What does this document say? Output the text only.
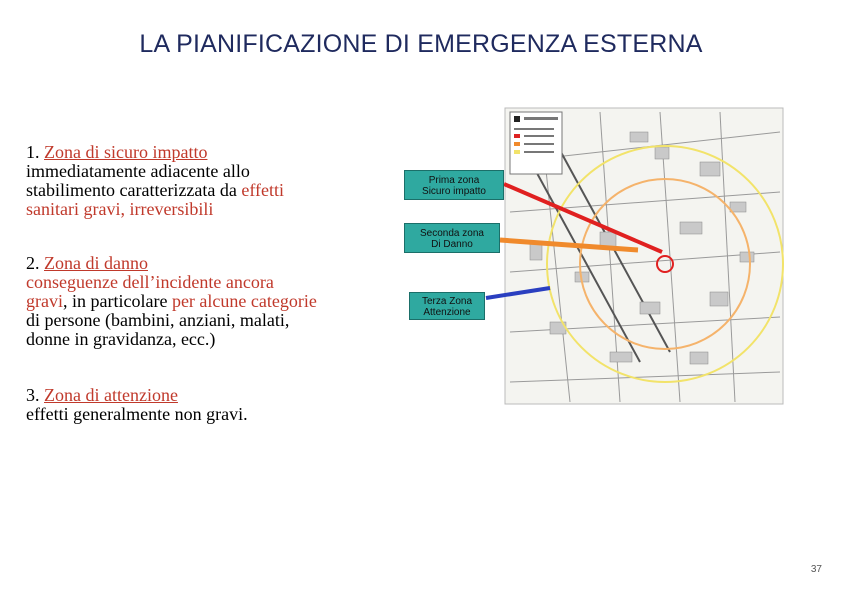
LA PIANIFICAZIONE DI EMERGENZA ESTERNA
1. Zona di sicuro impatto
immediatamente adiacente allo
stabilimento caratterizzata da effetti
sanitari gravi, irreversibili
2. Zona di danno
conseguenze dell’incidente ancora
gravi, in particolare per alcune categorie
di persone (bambini, anziani, malati,
donne in gravidanza, ecc.)
3. Zona di attenzione
effetti generalmente non gravi.
Prima zona
Sicuro impatto
Seconda zona
Di Danno
Terza Zona
Attenzione
37
